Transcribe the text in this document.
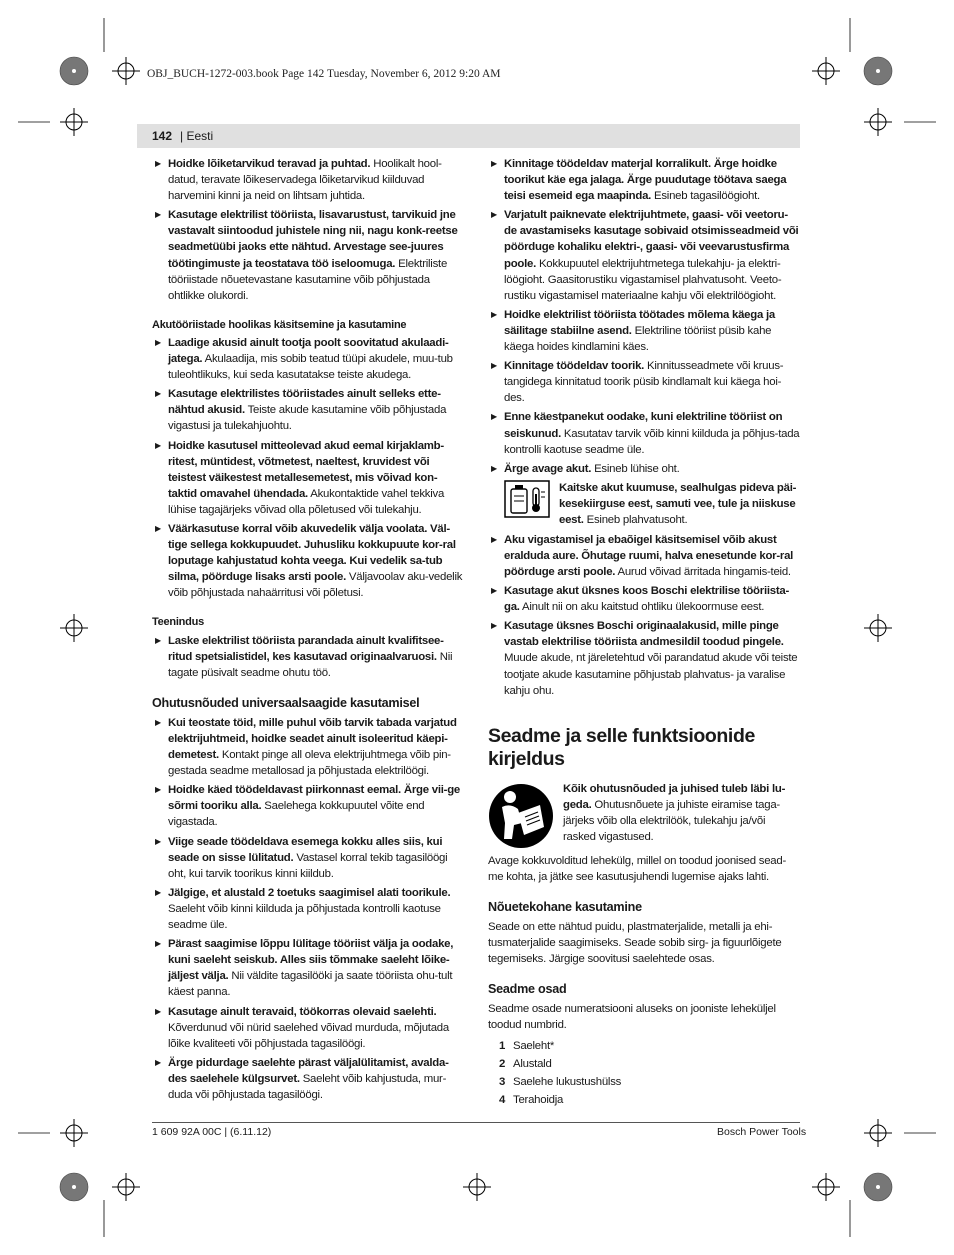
OBJ_BUCH-1272-003.book Page 142 Tuesday, November 6, 2012 9:20 AM
142 | Eesti
▶ Hoidke lõiketarvikud teravad ja puhtad. Hoolikalt hool-datud, teravate lõikeservadega lõiketarvikud kiilduvad harvemini kinni ja neid on lihtsam juhtida.
▶ Kasutage elektrilist tööriista, lisavarustust, tarvikuid jne vastavalt siintoodud juhistele ning nii, nagu konk-reetse seadmetüübi jaoks ette nähtud. Arvestage see-juures töötingimuste ja teostatava töö iseloomuga. Elektriliste tööriistade nõuetevastane kasutamine võib põhjustada ohtlikke olukordi.
Akutööriistade hoolikas käsitsemine ja kasutamine
▶ Laadige akusid ainult tootja poolt soovitatud akulaadi-jatega. Akulaadija, mis sobib teatud tüüpi akudele, muu-tub tuleohtlikuks, kui seda kasutatakse teiste akudega.
▶ Kasutage elektrilistes tööriistades ainult selleks ette-nähtud akusid. Teiste akude kasutamine võib põhjustada vigastusi ja tulekahjuohtu.
▶ Hoidke kasutusel mitteolevad akud eemal kirjaklamb-ritest, müntidest, võtmetest, naeltest, kruvidest või teistest väikestest metallesemetest, mis võivad kon-taktid omavahel ühendada. Akukontaktide vahel tekkiva lühise tagajärjeks võivad olla põletused või tulekahju.
▶ Väärkasutuse korral võib akuvedelik välja voolata. Väl-tige sellega kokkupuudet. Juhusliku kokkupuute kor-ral loputage kahjustatud kohta veega. Kui vedelik sa-tub silma, pöörduge lisaks arsti poole. Väljavoolav aku-vedelik võib põhjustada nahaärritusi või põletusi.
Teenindus
▶ Laske elektrilist tööriista parandada ainult kvalifitsee-ritud spetsialistidel, kes kasutavad originaalvaruosi. Nii tagate püsivalt seadme ohutu töö.
Ohutusnõuded universaalsaagide kasutamisel
▶ Kui teostate töid, mille puhul võib tarvik tabada varjatud elektrijuhtmeid, hoidke seadet ainult isoleeritud käepi-demetest. Kontakt pinge all oleva elektrijuhtmega võib pin-gestada seadme metallosad ja põhjustada elektrilöögi.
▶ Hoidke käed töödeldavast piirkonnast eemal. Ärge vii-ge sõrmi tooriku alla. Saelehega kokkupuutel võite end vigastada.
▶ Viige seade töödeldava esemega kokku alles siis, kui seade on sisse lülitatud. Vastasel korral tekib tagasilöögi oht, kui tarvik toorikus kinni kiildub.
▶ Jälgige, et alustald 2 toetuks saagimisel alati toorikule. Saeleht võib kinni kiilduda ja põhjustada kontrolli kaotuse seadme üle.
▶ Pärast saagimise lõppu lülitage tööriist välja ja oodake, kuni saeleht seiskub. Alles siis tõmmake saeleht lõike-jäljest välja. Nii väldite tagasilööki ja saate tööriista ohu-tult käest panna.
▶ Kasutage ainult teravaid, töökorras olevaid saelehti. Kõverdunud või nürid saelehed võivad murduda, mõjutada lõike kvaliteeti või põhjustada tagasilöögi.
▶ Ärge pidurdage saelehte pärast väljalülitamist, avalda-des saelehele külgsurvet. Saeleht võib kahjustuda, mur-duda või põhjustada tagasilöögi.
▶ Kinnitage töödeldav materjal korralikult. Ärge hoidke toorikut käe ega jalaga. Ärge puudutage töötava saega teisi esemeid ega maapinda. Esineb tagasilöögioht.
▶ Varjatult paiknevate elektrijuhtmete, gaasi- või veetoru-de avastamiseks kasutage sobivaid otsimisseadmeid või pöörduge kohaliku elektri-, gaasi- või veevarustusfirma poole. Kokkupuutel elektrijuhtmetega tulekahju- ja elektri-löögioht. Gaasitorustiku vigastamisel plahvatusoht. Veeto-rustiku vigastamisel materiaalne kahju või elektrilöögioht.
▶ Hoidke elektrilist tööriista töötades mõlema käega ja säilitage stabiilne asend. Elektriline tööriist püsib kahe käega hoides kindlamini käes.
▶ Kinnitage töödeldav toorik. Kinnitusseadmete või kruus-tangidega kinnitatud toorik püsib kindlamalt kui käega hoi-des.
▶ Enne käestpanekut oodake, kuni elektriline tööriist on seiskunud. Kasutatav tarvik võib kinni kiilduda ja põhjus-tada kontrolli kaotuse seadme üle.
▶ Ärge avage akut. Esineb lühise oht.
Kaitske akut kuumuse, sealhulgas pideva päi-kesekiirguse eest, samuti vee, tule ja niiskuse eest. Esineb plahvatusoht.
▶ Aku vigastamisel ja ebaõigel käsitsemisel võib akust eralduda aure. Õhutage ruumi, halva enesetunde kor-ral pöörduge arsti poole. Aurud võivad ärritada hingamis-teid.
▶ Kasutage akut üksnes koos Boschi elektrilise tööriista-ga. Ainult nii on aku kaitstud ohtliku ülekoormuse eest.
▶ Kasutage üksnes Boschi originaalakusid, mille pinge vastab elektrilise tööriista andmesildil toodud pingele. Muude akude, nt järeletehtud või parandatud akude või teiste tootjate akude kasutamine põhjustab plahvatus- ja varalise kahju ohu.
Seadme ja selle funktsioonide kirjeldus
Kõik ohutusnõuded ja juhised tuleb läbi lu-geda. Ohutusnõuete ja juhiste eiramise taga-järjeks võib olla elektrilöök, tulekahju ja/või rasked vigastused.
Avage kokkuvolditud lehekülg, millel on toodud joonised sead-me kohta, ja jätke see kasutusjuhendi lugemise ajaks lahti.
Nõuetekohane kasutamine
Seade on ette nähtud puidu, plastmaterjalide, metalli ja ehi-tusmaterjalide saagimiseks. Seade sobib sirg- ja figuurlõigete tegemiseks. Järgige soovitusi saelehtede osas.
Seadme osad
Seadme osade numeratsiooni aluseks on jooniste leheküljel toodud numbrid.
1 Saeleht*
2 Alustald
3 Saelehe lukustushülss
4 Terahoidja
1 609 92A 00C | (6.11.12)	Bosch Power Tools
